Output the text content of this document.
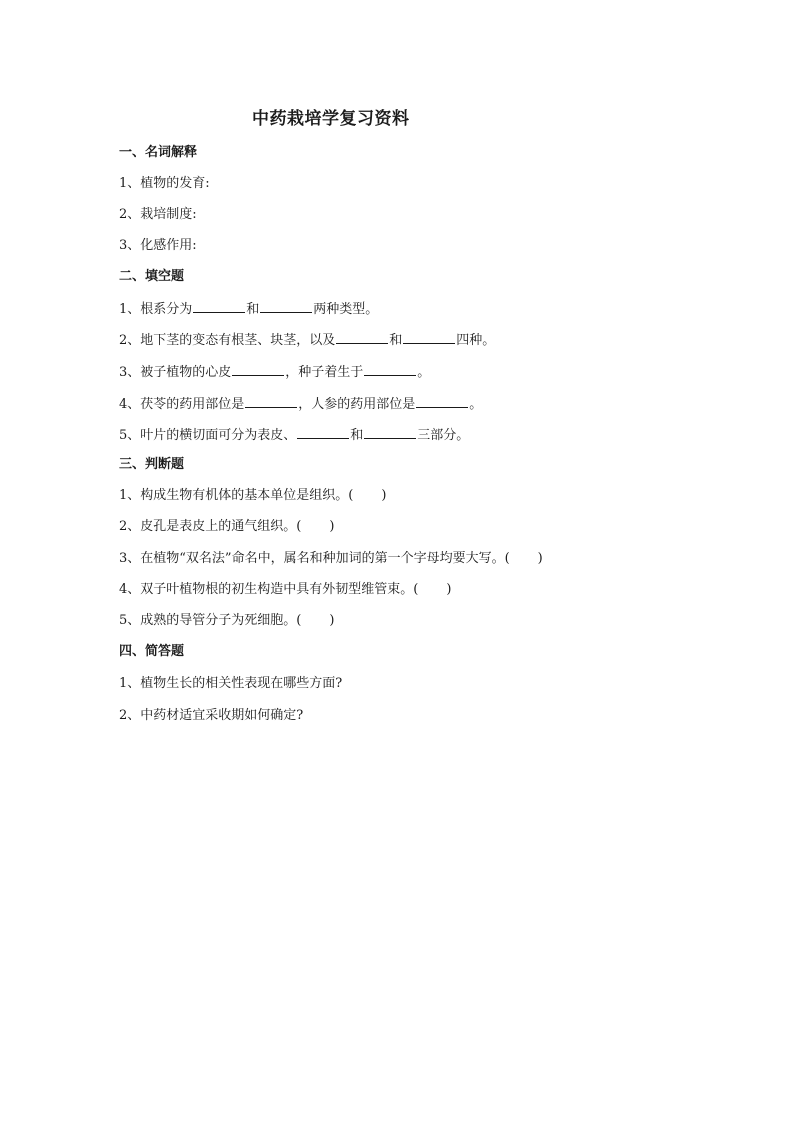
中药栽培学复习资料
一、名词解释
1、植物的发育:
2、栽培制度:
3、化感作用:
二、填空题
1、根系分为	和	两种类型。
2、地下茎的变态有根茎、块茎，以及	和	四种。
3、被子植物的心皮	，种子着生于	。
4、茯苓的药用部位是	，人参的药用部位是	。
5、叶片的横切面可分为表皮、	和	三部分。
三、判断题
1、构成生物有机体的基本单位是组织。( )
2、皮孔是表皮上的通气组织。( )
3、在植物“双名法”命名中，属名和种加词的第一个字母均要大写。( )
4、双子叶植物根的初生构造中具有外韧型维管束。( )
5、成熟的导管分子为死细胞。( )
四、简答题
1、植物生长的相关性表现在哪些方面?
2、中药材适宜采收期如何确定?
